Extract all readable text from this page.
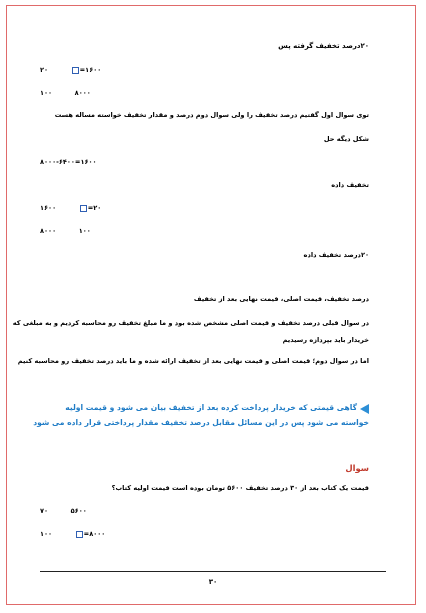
۲۰درصد تخفیف گرفته پس
۲۰	=۱۶۰۰
۱۰۰	۸۰۰۰
توی سوال اول گفتیم درصد تخفیف را ولی سوال دوم درصد و مقدار تخفیف خواسته مساله هست
شکل دیگه حل
۸۰۰۰-۶۴۰۰=۱۶۰۰
تخفیف داده
۱۶۰۰	=۲۰
۸۰۰۰	۱۰۰
۲۰درصد تخفیف داده
درصد تخفیف، قیمت اصلی، قیمت نهایی بعد از تخفیف
در سوال قبلی درصد تخفیف و قیمت اصلی مشخص شده بود و ما مبلغ تخفیف رو محاسبه کردیم و به مبلغی که
خریدار باید بپردازه رسیدیم
اما در سوال دوم؛ قیمت اصلی و قیمت نهایی بعد از تخفیف ارائه شده و ما باید درصد تخفیف رو محاسبه کنیم
گاهی قیمتی که خریدار پرداخت کرده بعد از تخفیف بیان می شود و قیمت اولیه
خواسته می شود پس در این مسائل مقابل درصد تخفیف مقدار پرداختی قرار داده می شود
سوال
قیمت یک کتاب بعد از ۳۰ درصد تخفیف ۵۶۰۰ تومان بوده است قیمت اولیه کتاب؟
۷۰	۵۶۰۰
۱۰۰	=۸۰۰۰
۳۰
